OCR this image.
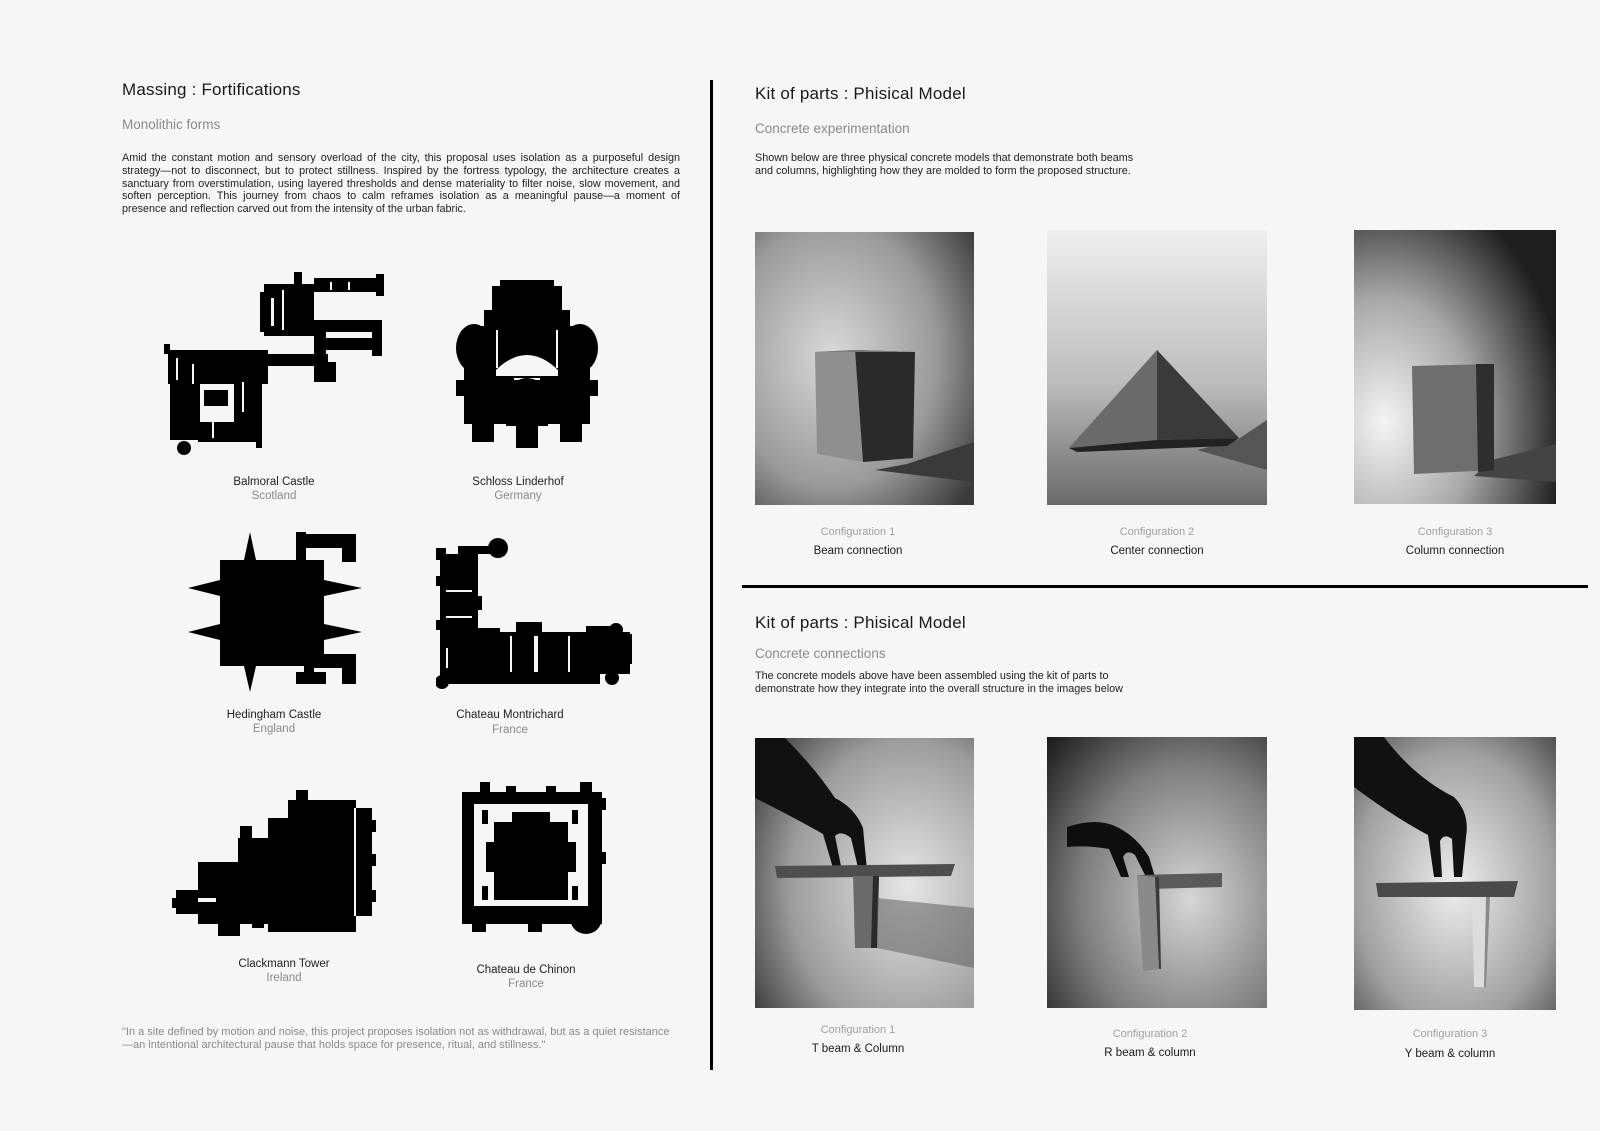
Massing : Fortifications
Monolithic forms
Amid the constant motion and sensory overload of the city, this proposal uses isolation as a purposeful design strategy—not to disconnect, but to protect stillness. Inspired by the fortress typology, the architecture creates a sanctuary from overstimulation, using layered thresholds and dense materiality to filter noise, slow movement, and soften perception. This journey from chaos to calm reframes isolation as a meaningful pause—a moment of presence and reflection carved out from the intensity of the urban fabric.
Balmoral Castle
Scotland
Schloss Linderhof
Germany
Hedingham Castle
England
Chateau Montrichard
France
Clackmann Tower
Ireland
Chateau de Chinon
France
"In a site defined by motion and noise, this project proposes isolation not as withdrawal, but as a quiet resistance—an intentional architectural pause that holds space for presence, ritual, and stillness."
Kit of parts : Phisical Model
Concrete experimentation
Shown below are three physical concrete models that demonstrate both beams and columns, highlighting how they are molded to form the proposed structure.
Configuration 1
Beam connection
Configuration 2
Center connection
Configuration 3
Column connection
Kit of parts : Phisical Model
Concrete connections
The concrete models above have been assembled using the kit of parts to demonstrate how they integrate into the overall structure in the images below
Configuration 1
T beam & Column
Configuration 2
R beam & column
Configuration 3
Y beam & column
